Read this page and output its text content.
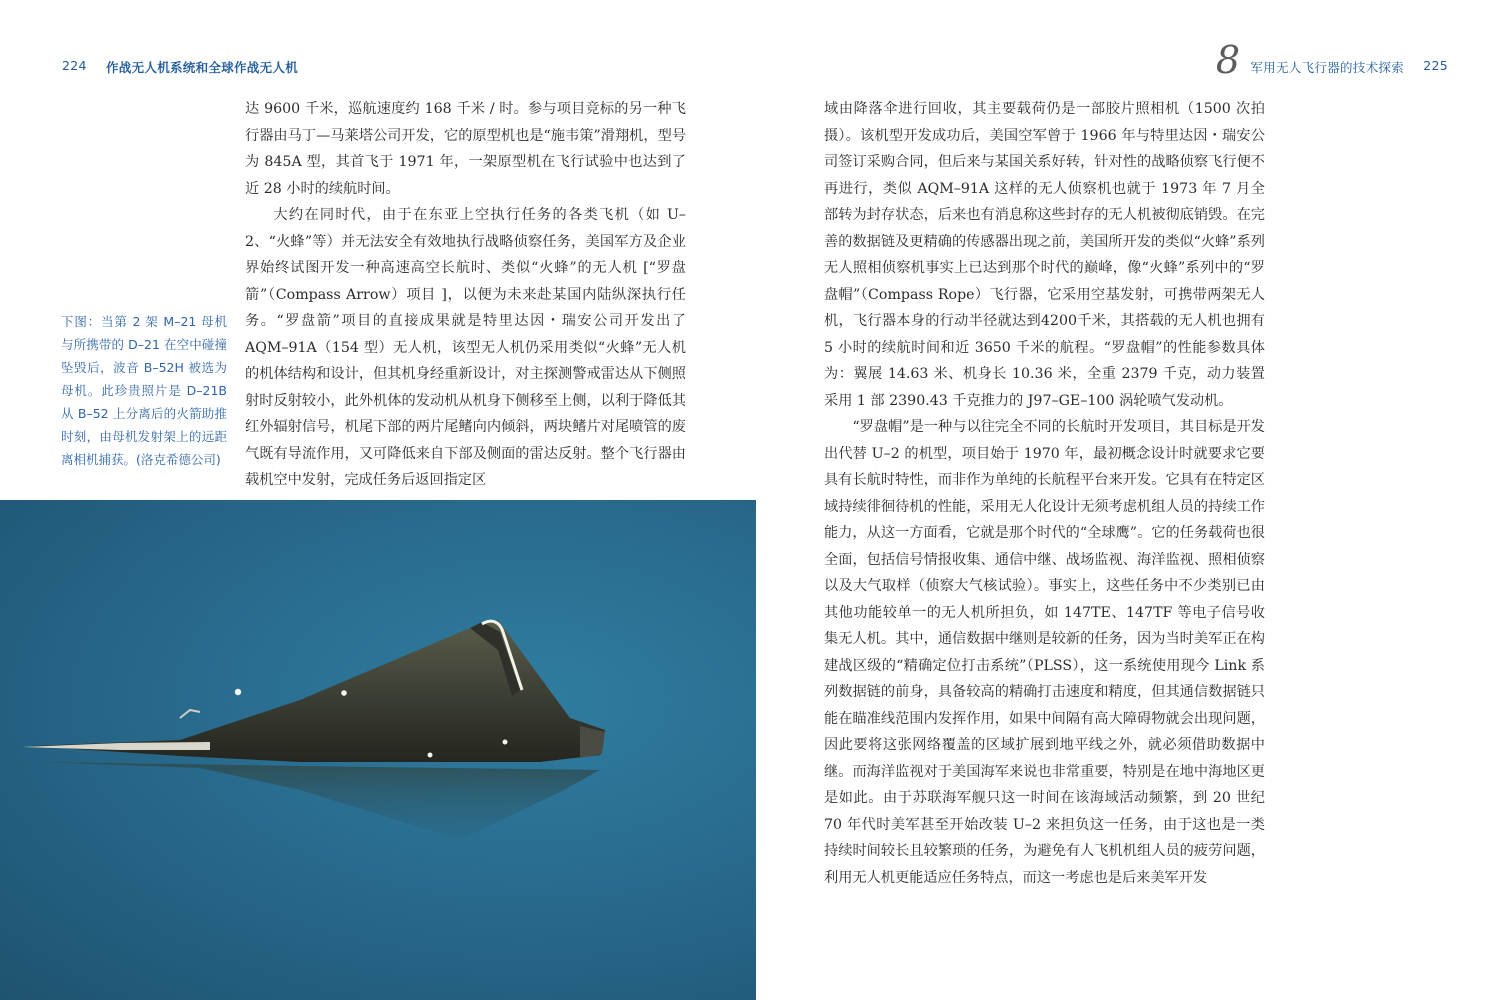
224 作战无人机系统和全球作战无人机	8 军用无人飞行器的技术探索 225

达 9600 千米，巡航速度约 168 千米 / 时。参与项目竞标的另一种飞行器由马丁—马莱塔公司开发，它的原型机也是“施韦策”滑翔机，型号为 845A 型，其首飞于 1971 年，一架原型机在飞行试验中也达到了近 28 小时的续航时间。

大约在同时代，由于在东亚上空执行任务的各类飞机（如 U–2、“火蜂”等）并无法安全有效地执行战略侦察任务，美国军方及企业界始终试图开发一种高速高空长航时、类似“火蜂”的无人机 [“罗盘箭”（Compass Arrow）项目 ]，以便为未来赴某国内陆纵深执行任务。“罗盘箭”项目的直接成果就是特里达因・瑞安公司开发出了 AQM–91A（154 型）无人机，该型无人机仍采用类似“火蜂”无人机的机体结构和设计，但其机身经重新设计，对主探测警戒雷达从下侧照射时反射较小，此外机体的发动机从机身下侧移至上侧，以利于降低其红外辐射信号，机尾下部的两片尾鳍向内倾斜，两块鳍片对尾喷管的废气既有导流作用，又可降低来自下部及侧面的雷达反射。整个飞行器由载机空中发射，完成任务后返回指定区

下图：当第 2 架 M–21 母机与所携带的 D–21 在空中碰撞坠毁后，波音 B–52H 被选为母机。此珍贵照片是 D–21B 从 B–52 上分离后的火箭助推时刻，由母机发射架上的远距离相机捕获。(洛克希德公司)

域由降落伞进行回收，其主要载荷仍是一部胶片照相机（1500 次拍摄）。该机型开发成功后，美国空军曾于 1966 年与特里达因・瑞安公司签订采购合同，但后来与某国关系好转，针对性的战略侦察飞行便不再进行，类似 AQM–91A 这样的无人侦察机也就于 1973 年 7 月全部转为封存状态，后来也有消息称这些封存的无人机被彻底销毁。在完善的数据链及更精确的传感器出现之前，美国所开发的类似“火蜂”系列无人照相侦察机事实上已达到那个时代的巅峰，像“火蜂”系列中的“罗盘帽”（Compass Rope）飞行器，它采用空基发射，可携带两架无人机，飞行器本身的行动半径就达到4200千米，其搭载的无人机也拥有 5 小时的续航时间和近 3650 千米的航程。“罗盘帽”的性能参数具体为：翼展 14.63 米、机身长 10.36 米，全重 2379 千克，动力装置采用 1 部 2390.43 千克推力的 J97–GE–100 涡轮喷气发动机。

“罗盘帽”是一种与以往完全不同的长航时开发项目，其目标是开发出代替 U–2 的机型，项目始于 1970 年，最初概念设计时就要求它要具有长航时特性，而非作为单纯的长航程平台来开发。它具有在特定区域持续徘徊待机的性能，采用无人化设计无须考虑机组人员的持续工作能力，从这一方面看，它就是那个时代的“全球鹰”。它的任务载荷也很全面，包括信号情报收集、通信中继、战场监视、海洋监视、照相侦察以及大气取样（侦察大气核试验）。事实上，这些任务中不少类别已由其他功能较单一的无人机所担负，如 147TE、147TF 等电子信号收集无人机。其中，通信数据中继则是较新的任务，因为当时美军正在构建战区级的“精确定位打击系统”（PLSS），这一系统使用现今 Link 系列数据链的前身，具备较高的精确打击速度和精度，但其通信数据链只能在瞄准线范围内发挥作用，如果中间隔有高大障碍物就会出现问题，因此要将这张网络覆盖的区域扩展到地平线之外，就必须借助数据中继。而海洋监视对于美国海军来说也非常重要，特别是在地中海地区更是如此。由于苏联海军舰只这一时间在该海域活动频繁，到 20 世纪 70 年代时美军甚至开始改装 U–2 来担负这一任务，由于这也是一类持续时间较长且较繁琐的任务，为避免有人飞机机组人员的疲劳问题，利用无人机更能适应任务特点，而这一考虑也是后来美军开发
